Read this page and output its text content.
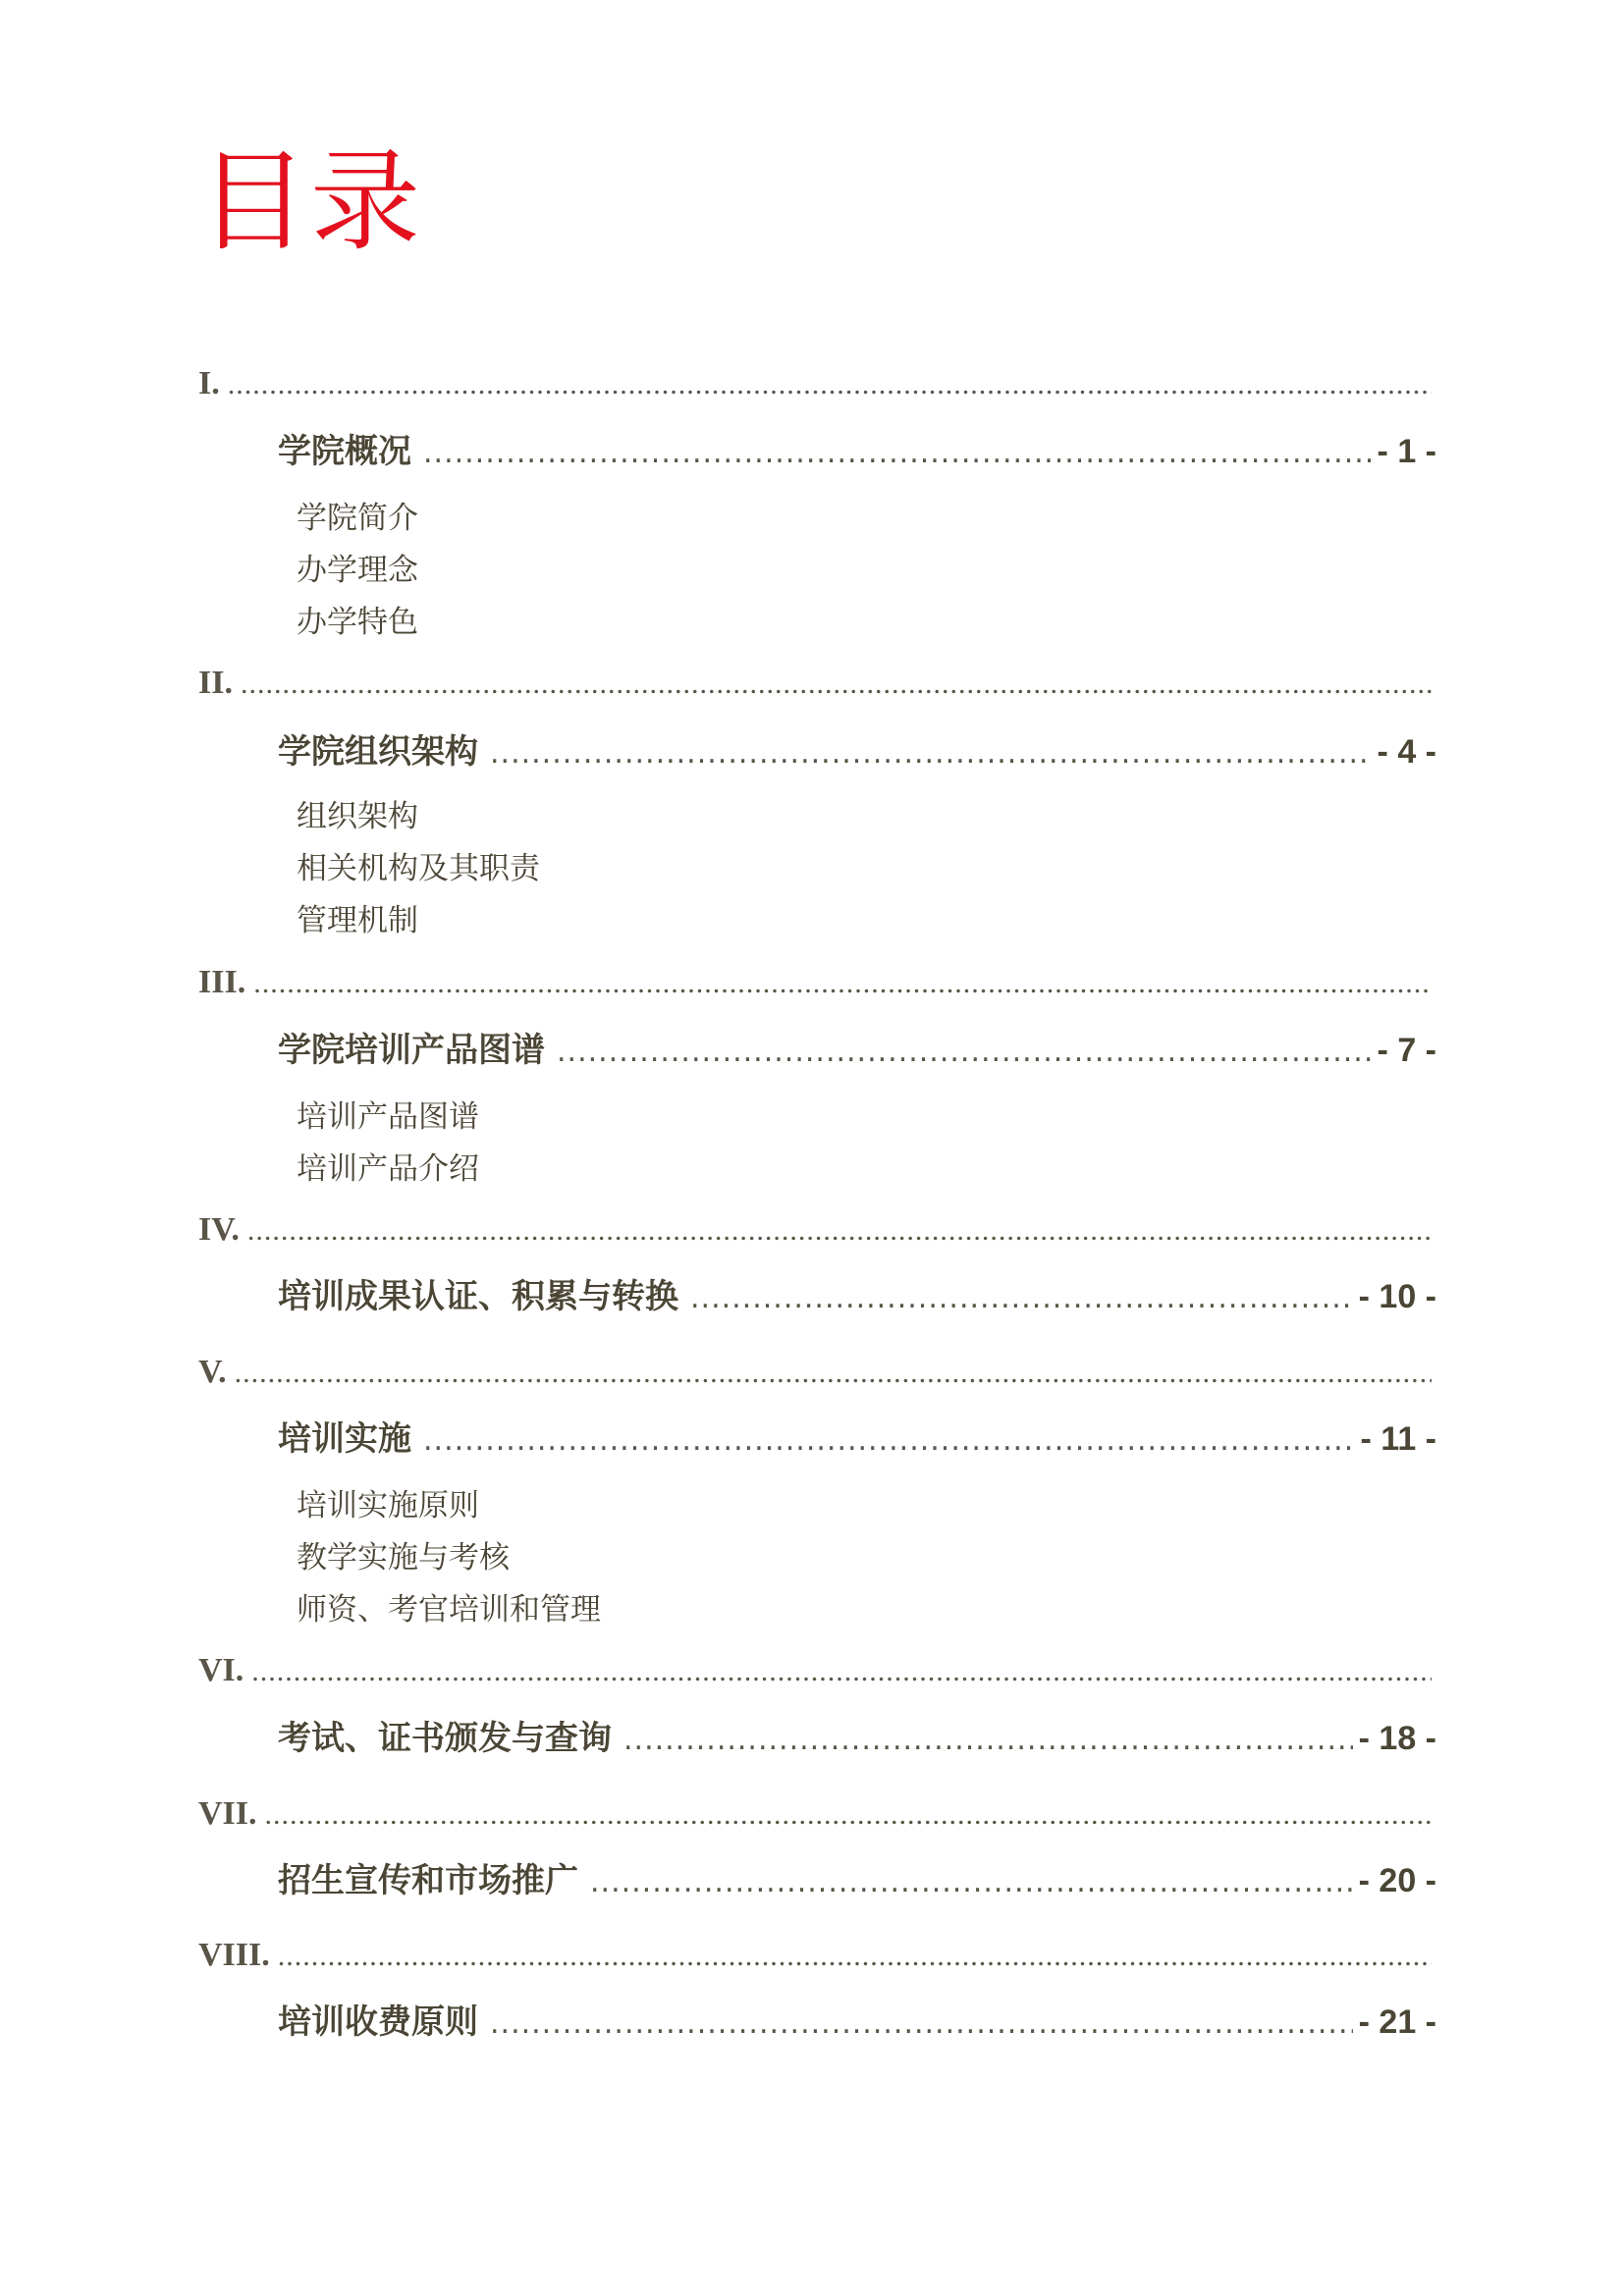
目录
I.
.....
学院概况 .....	- 1 -
学院简介
办学理念
办学特色
II.
.....
学院组织架构 .....	- 4 -
组织架构
相关机构及其职责
管理机制
III.
.....
学院培训产品图谱 .....	- 7 -
培训产品图谱
培训产品介绍
IV.
.....
培训成果认证、积累与转换 .....	- 10 -
V.
.....
培训实施 .....	- 11 -
培训实施原则
教学实施与考核
师资、考官培训和管理
VI.
.....
考试、证书颁发与查询 .....	- 18 -
VII.
.....
招生宣传和市场推广 .....	- 20 -
VIII.
.....
培训收费原则 .....	- 21 -
